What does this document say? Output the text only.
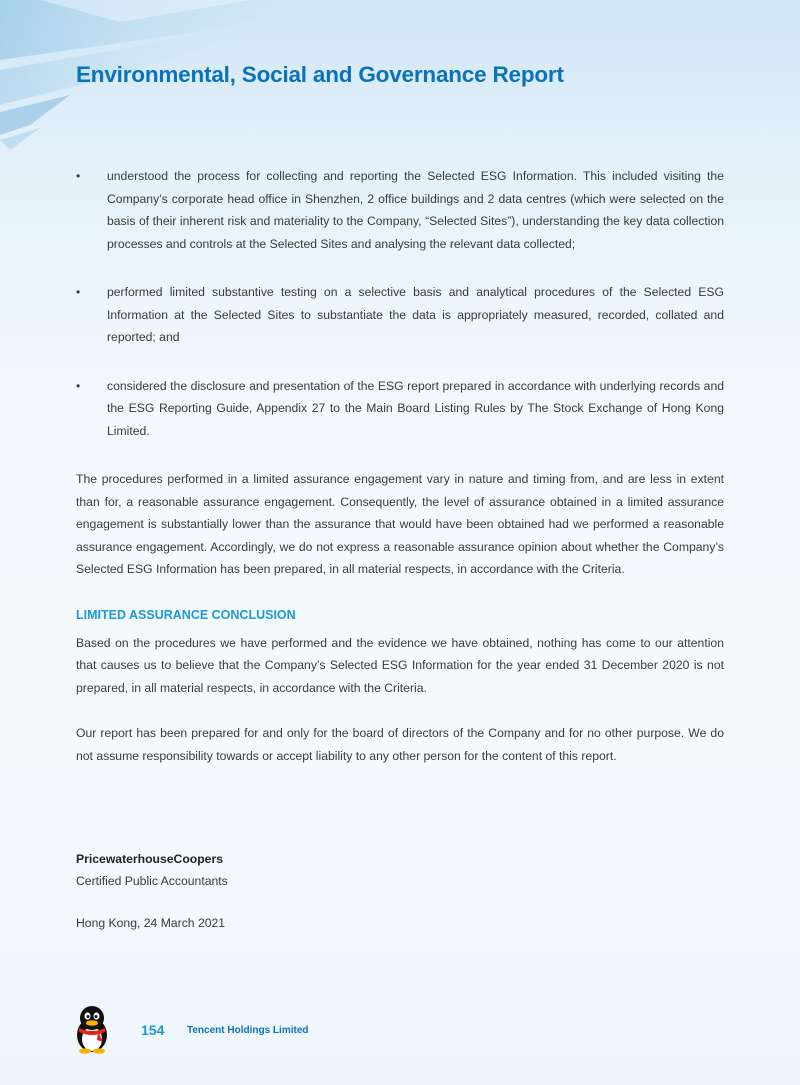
Environmental, Social and Governance Report
• understood the process for collecting and reporting the Selected ESG Information. This included visiting the Company’s corporate head office in Shenzhen, 2 office buildings and 2 data centres (which were selected on the basis of their inherent risk and materiality to the Company, “Selected Sites”), understanding the key data collection processes and controls at the Selected Sites and analysing the relevant data collected;
• performed limited substantive testing on a selective basis and analytical procedures of the Selected ESG Information at the Selected Sites to substantiate the data is appropriately measured, recorded, collated and reported; and
• considered the disclosure and presentation of the ESG report prepared in accordance with underlying records and the ESG Reporting Guide, Appendix 27 to the Main Board Listing Rules by The Stock Exchange of Hong Kong Limited.

The procedures performed in a limited assurance engagement vary in nature and timing from, and are less in extent than for, a reasonable assurance engagement. Consequently, the level of assurance obtained in a limited assurance engagement is substantially lower than the assurance that would have been obtained had we performed a reasonable assurance engagement. Accordingly, we do not express a reasonable assurance opinion about whether the Company’s Selected ESG Information has been prepared, in all material respects, in accordance with the Criteria.

LIMITED ASSURANCE CONCLUSION

Based on the procedures we have performed and the evidence we have obtained, nothing has come to our attention that causes us to believe that the Company’s Selected ESG Information for the year ended 31 December 2020 is not prepared, in all material respects, in accordance with the Criteria.

Our report has been prepared for and only for the board of directors of the Company and for no other purpose. We do not assume responsibility towards or accept liability to any other person for the content of this report.

PricewaterhouseCoopers
Certified Public Accountants
Hong Kong, 24 March 2021
154 Tencent Holdings Limited
